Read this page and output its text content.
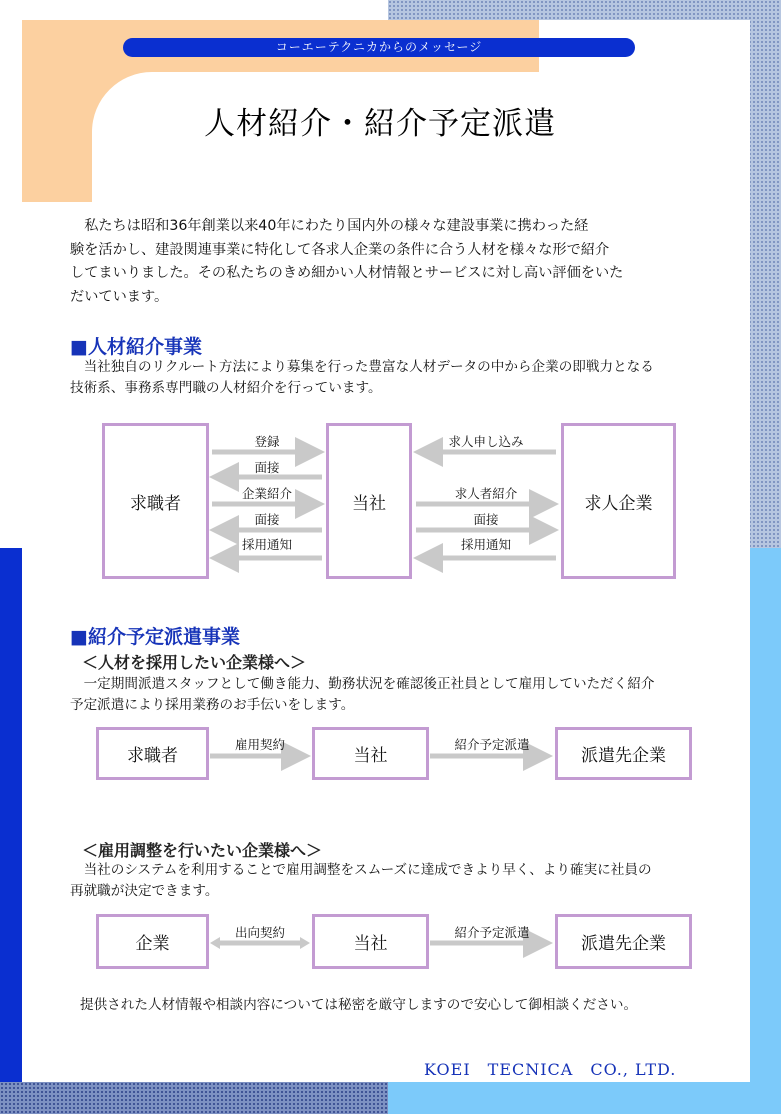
コーエーテクニカからのメッセージ
人材紹介・紹介予定派遣
　私たちは昭和36年創業以来40年にわたり国内外の様々な建設事業に携わった経
験を活かし、建設関連事業に特化して各求人企業の条件に合う人材を様々な形で紹介
してまいりました。その私たちのきめ細かい人材情報とサービスに対し高い評価をいた
だいています。
■人材紹介事業
　当社独自のリクルート方法により募集を行った豊富な人材データの中から企業の即戦力となる
技術系、事務系専門職の人材紹介を行っています。
求職者	当社	求人企業
登録
面接
企業紹介
面接
採用通知
求人申し込み
求人者紹介
面接
採用通知
■紹介予定派遣事業
＜人材を採用したい企業様へ＞
　一定期間派遣スタッフとして働き能力、勤務状況を確認後正社員として雇用していただく紹介
予定派遣により採用業務のお手伝いをします。
求職者	当社	派遣先企業
雇用契約	紹介予定派遣
＜雇用調整を行いたい企業様へ＞
　当社のシステムを利用することで雇用調整をスムーズに達成できより早く、より確実に社員の
再就職が決定できます。
企業	当社	派遣先企業
出向契約	紹介予定派遣
提供された人材情報や相談内容については秘密を厳守しますので安心して御相談ください。
KOEI　TECNICA　CO., LTD.
